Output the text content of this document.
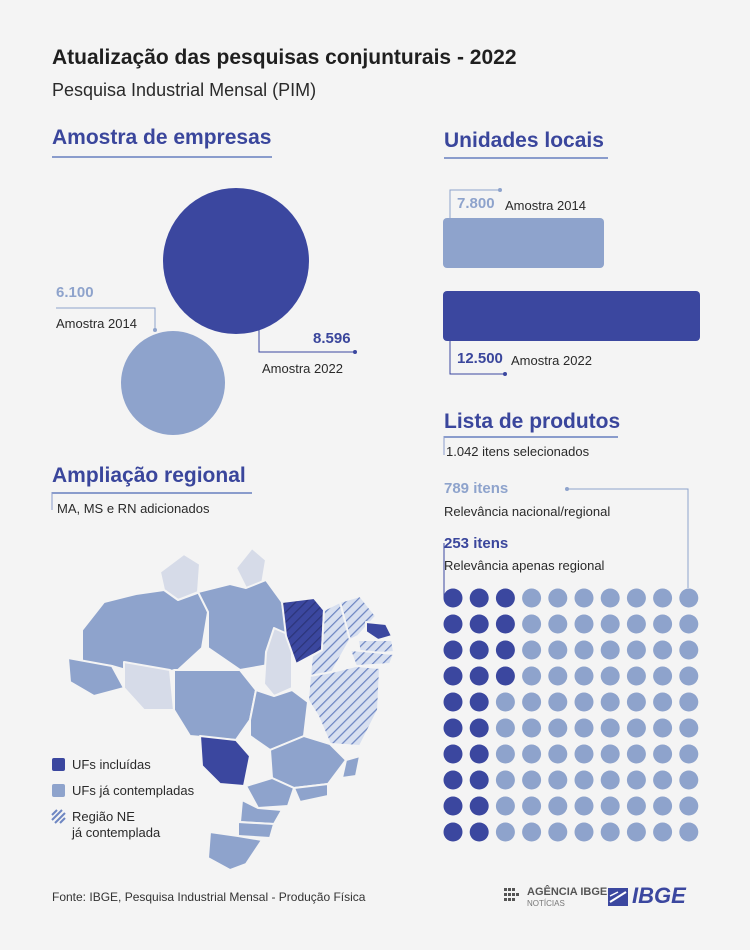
Atualização das pesquisas conjunturais - 2022
Pesquisa Industrial Mensal (PIM)
Amostra de empresas
6.100
Amostra 2014
8.596
Amostra 2022
Unidades locais
7.800 Amostra 2014
12.500 Amostra 2022
Ampliação regional
MA, MS e RN adicionados
UFs incluídas
UFs já contempladas
Região NE
já contemplada
Lista de produtos
1.042 itens selecionados
789 itens
Relevância nacional/regional
253 itens
Relevância apenas regional
Fonte: IBGE, Pesquisa Industrial Mensal - Produção Física	AGÊNCIA IBGE
NOTÍCIAS	IBGE
